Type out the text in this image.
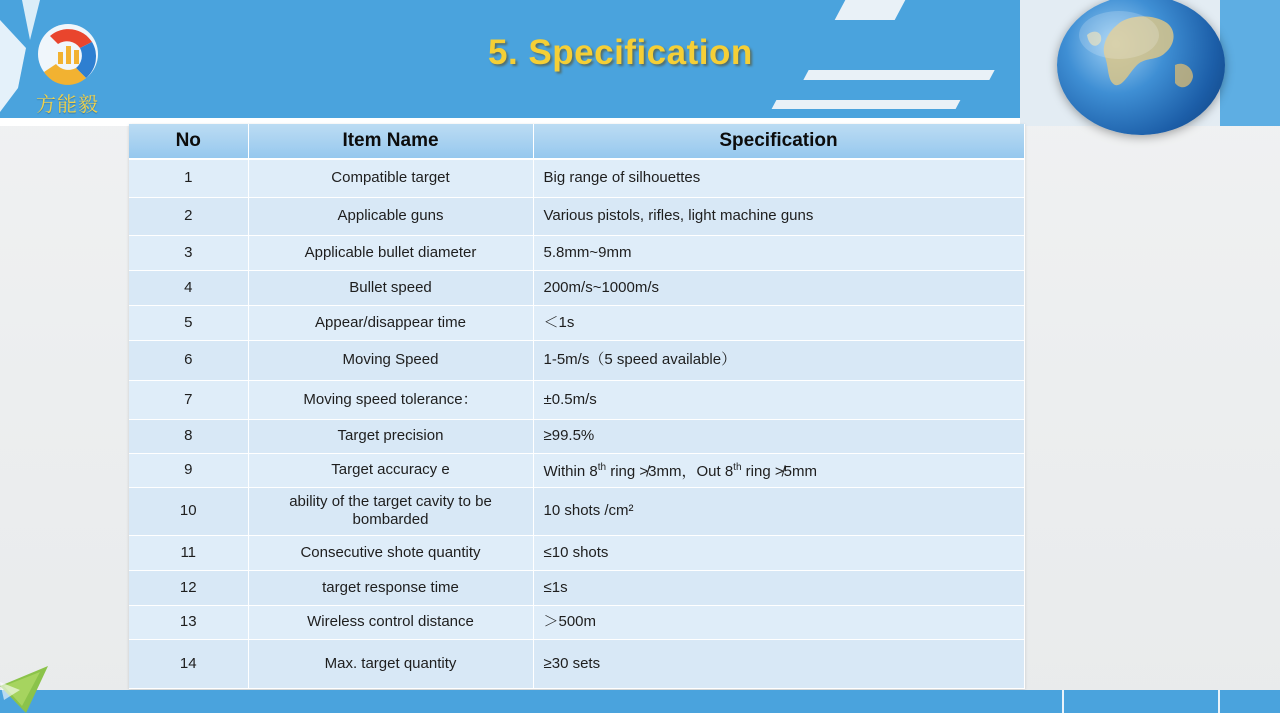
方能毅
5. Specification
No	Item Name	Specification
1	Compatible target	Big range of silhouettes
2	Applicable guns	Various pistols, rifles, light machine guns
3	Applicable bullet diameter	5.8mm~9mm
4	Bullet speed	200m/s~1000m/s
5	Appear/disappear time	＜1s
6	Moving Speed	1-5m/s（5 speed available）
7	Moving speed tolerance：	±0.5m/s
8	Target precision	≥99.5%
9	Target accuracy e	Within 8th ring ≯3mm，Out 8th ring ≯5mm
10	ability of the target cavity to be bombarded	10 shots /cm²
11	Consecutive shote quantity	≤10 shots
12	target response time	≤1s
13	Wireless control distance	＞500m
14	Max. target quantity	≥30 sets
